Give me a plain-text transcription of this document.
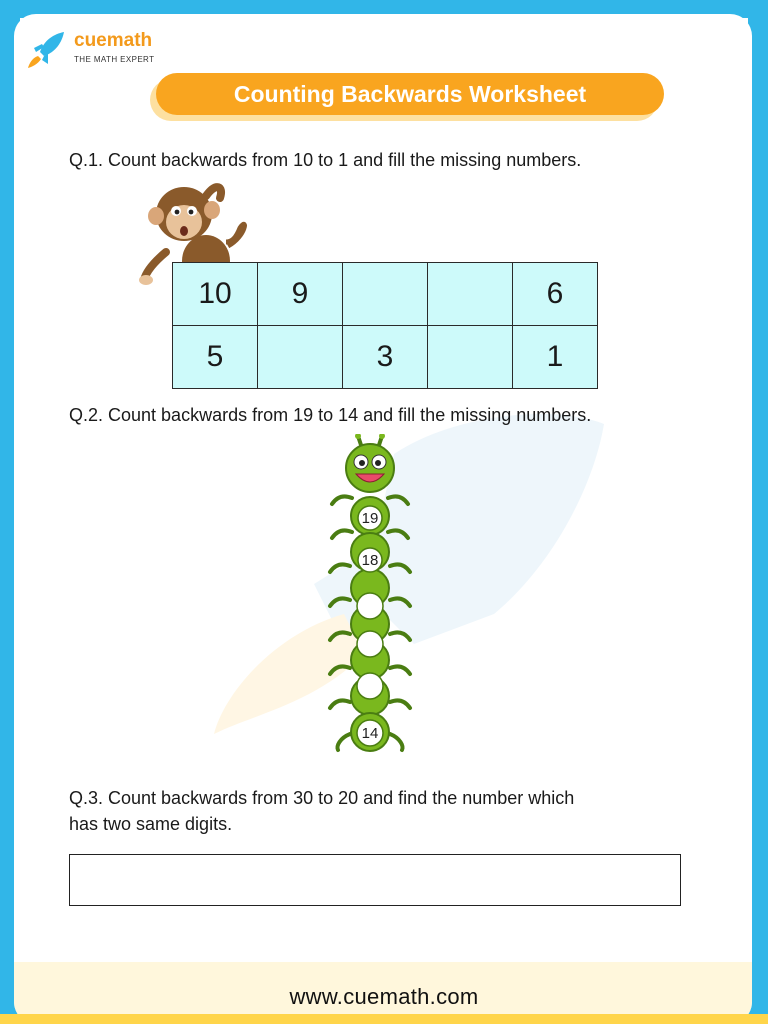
cuemath
THE MATH EXPERT
Counting Backwards Worksheet
Q.1. Count backwards from 10 to 1 and fill the missing numbers.
10	9			6
5		3		1
Q.2. Count backwards from 19 to 14 and fill the missing numbers.
19
18
14
Q.3. Count backwards from 30 to 20 and find the number which
has two same digits.
www.cuemath.com
